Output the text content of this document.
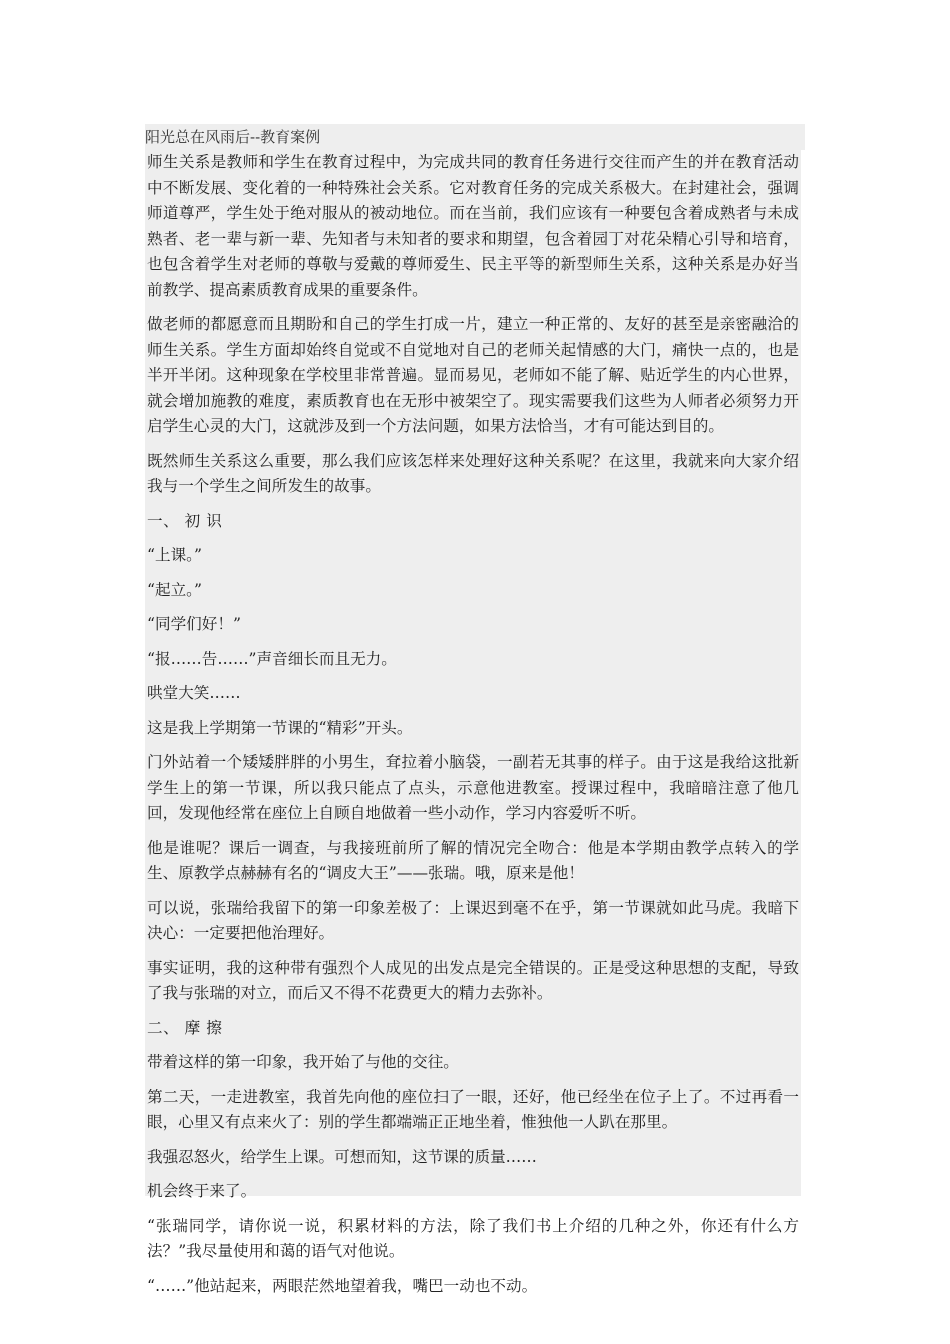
阳光总在风雨后--教育案例

师生关系是教师和学生在教育过程中，为完成共同的教育任务进行交往而产生的并在教育活动中不断发展、变化着的一种特殊社会关系。它对教育任务的完成关系极大。在封建社会，强调师道尊严，学生处于绝对服从的被动地位。而在当前，我们应该有一种要包含着成熟者与未成熟者、老一辈与新一辈、先知者与未知者的要求和期望，包含着园丁对花朵精心引导和培育，也包含着学生对老师的尊敬与爱戴的尊师爱生、民主平等的新型师生关系，这种关系是办好当前教学、提高素质教育成果的重要条件。

做老师的都愿意而且期盼和自己的学生打成一片，建立一种正常的、友好的甚至是亲密融洽的师生关系。学生方面却始终自觉或不自觉地对自己的老师关起情感的大门，痛快一点的，也是半开半闭。这种现象在学校里非常普遍。显而易见，老师如不能了解、贴近学生的内心世界，就会增加施教的难度，素质教育也在无形中被架空了。现实需要我们这些为人师者必须努力开启学生心灵的大门，这就涉及到一个方法问题，如果方法恰当，才有可能达到目的。

既然师生关系这么重要，那么我们应该怎样来处理好这种关系呢？在这里，我就来向大家介绍我与一个学生之间所发生的故事。

一、 初 识

“上课。”

“起立。”

“同学们好！”

“报……告……”声音细长而且无力。

哄堂大笑……

这是我上学期第一节课的“精彩”开头。

门外站着一个矮矮胖胖的小男生，耷拉着小脑袋，一副若无其事的样子。由于这是我给这批新学生上的第一节课，所以我只能点了点头，示意他进教室。授课过程中，我暗暗注意了他几回，发现他经常在座位上自顾自地做着一些小动作，学习内容爱听不听。

他是谁呢？课后一调查，与我接班前所了解的情况完全吻合：他是本学期由教学点转入的学生、原教学点赫赫有名的“调皮大王”——张瑞。哦，原来是他！

可以说，张瑞给我留下的第一印象差极了：上课迟到毫不在乎，第一节课就如此马虎。我暗下决心：一定要把他治理好。

事实证明，我的这种带有强烈个人成见的出发点是完全错误的。正是受这种思想的支配，导致了我与张瑞的对立，而后又不得不花费更大的精力去弥补。

二、 摩 擦

带着这样的第一印象，我开始了与他的交往。

第二天，一走进教室，我首先向他的座位扫了一眼，还好，他已经坐在位子上了。不过再看一眼，心里又有点来火了：别的学生都端端正正地坐着，惟独他一人趴在那里。

我强忍怒火，给学生上课。可想而知，这节课的质量……

机会终于来了。

“张瑞同学，请你说一说，积累材料的方法，除了我们书上介绍的几种之外，你还有什么方法？”我尽量使用和蔼的语气对他说。

“……”他站起来，两眼茫然地望着我，嘴巴一动也不动。
